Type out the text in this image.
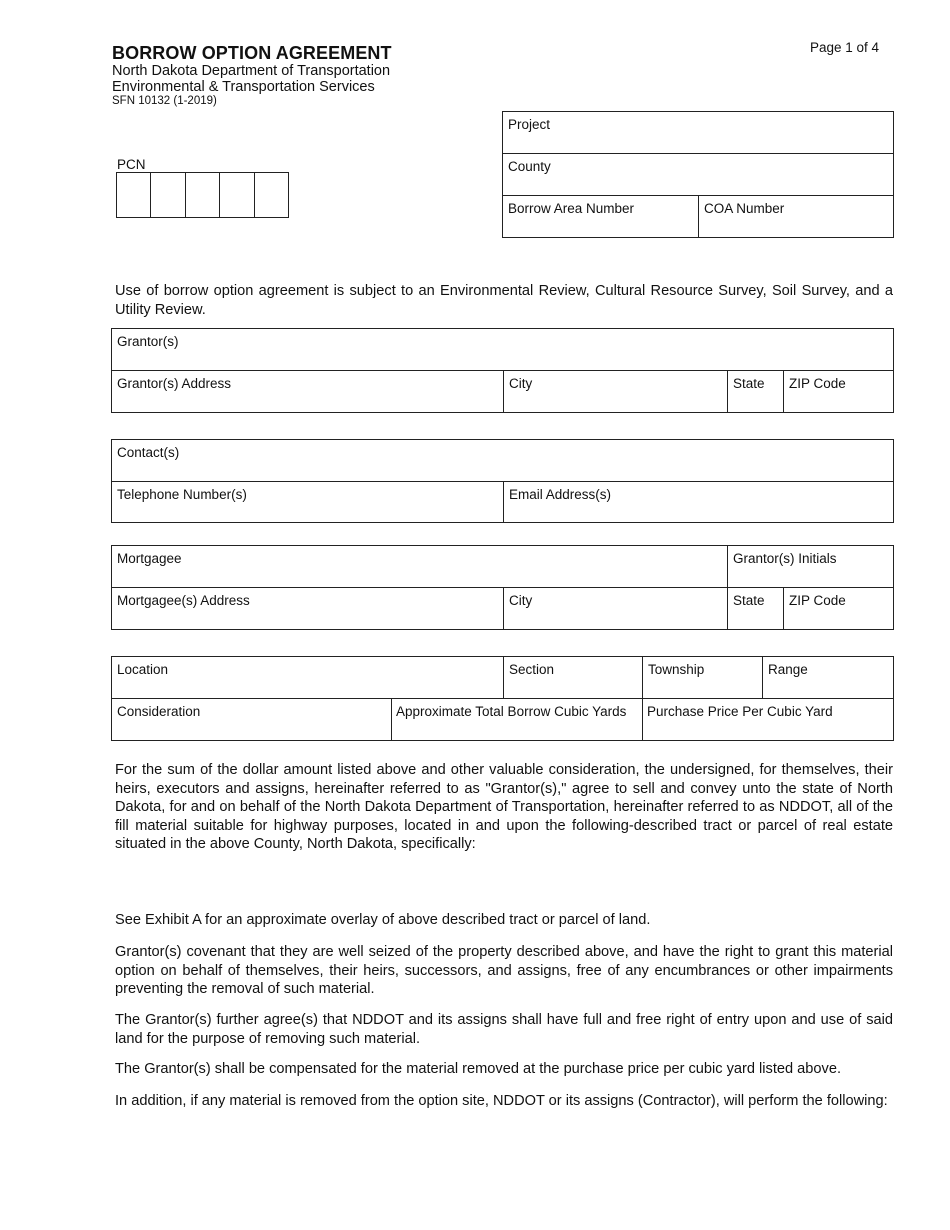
BORROW OPTION AGREEMENT
North Dakota Department of Transportation
Environmental & Transportation Services
SFN 10132 (1-2019)
Page 1 of 4
PCN
Project
County
Borrow Area Number	COA Number

Use of borrow option agreement is subject to an Environmental Review, Cultural Resource Survey, Soil Survey, and a Utility Review.

Grantor(s)
Grantor(s) Address	City	State	ZIP Code
Contact(s)
Telephone Number(s)	Email Address(s)
Mortgagee	Grantor(s) Initials
Mortgagee(s) Address	City	State	ZIP Code
Location	Section	Township	Range
Consideration	Approximate Total Borrow Cubic Yards	Purchase Price Per Cubic Yard

For the sum of the dollar amount listed above and other valuable consideration, the undersigned, for themselves, their heirs, executors and assigns, hereinafter referred to as "Grantor(s)," agree to sell and convey unto the state of North Dakota, for and on behalf of the North Dakota Department of Transportation, hereinafter referred to as NDDOT, all of the fill material suitable for highway purposes, located in and upon the following-described tract or parcel of real estate situated in the above County, North Dakota, specifically:

See Exhibit A for an approximate overlay of above described tract or parcel of land.

Grantor(s) covenant that they are well seized of the property described above, and have the right to grant this material option on behalf of themselves, their heirs, successors, and assigns, free of any encumbrances or other impairments preventing the removal of such material.

The Grantor(s) further agree(s) that NDDOT and its assigns shall have full and free right of entry upon and use of said land for the purpose of removing such material.

The Grantor(s) shall be compensated for the material removed at the purchase price per cubic yard listed above.

In addition, if any material is removed from the option site, NDDOT or its assigns (Contractor), will perform the following:
